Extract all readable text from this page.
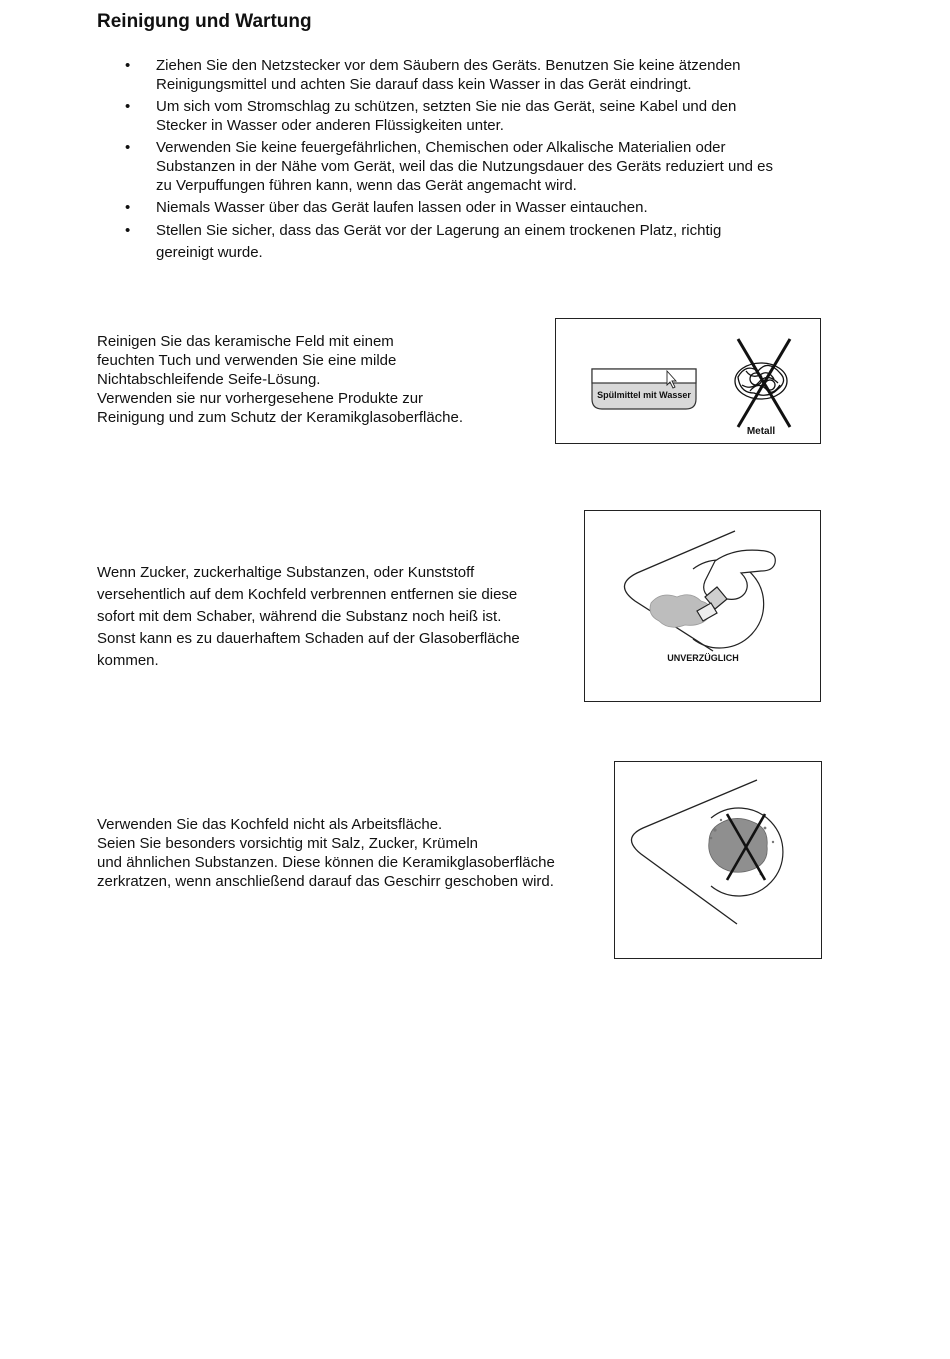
Reinigung und Wartung
• Ziehen Sie den Netzstecker vor dem Säubern des Geräts. Benutzen Sie keine ätzenden
Reinigungsmittel und achten Sie darauf dass kein Wasser in das Gerät eindringt.
• Um sich vom Stromschlag zu schützen, setzten Sie nie das Gerät, seine Kabel und den
Stecker in Wasser oder anderen Flüssigkeiten unter.
• Verwenden Sie keine feuergefährlichen, Chemischen oder Alkalische Materialien oder
Substanzen in der Nähe vom Gerät, weil das die Nutzungsdauer des Geräts reduziert und es
zu Verpuffungen führen kann, wenn das Gerät angemacht wird.
• Niemals Wasser über das Gerät laufen lassen oder in Wasser eintauchen.
• Stellen Sie sicher, dass das Gerät vor der Lagerung an einem trockenen Platz, richtig
gereinigt wurde.
Reinigen Sie das keramische Feld mit einem
feuchten Tuch und verwenden Sie eine milde
Nichtabschleifende Seife-Lösung.
Verwenden sie nur vorhergesehene Produkte zur
Reinigung und zum Schutz der Keramikglasoberfläche.
Spülmittel mit Wasser
Metall
Wenn Zucker, zuckerhaltige Substanzen, oder Kunststoff
versehentlich auf dem Kochfeld verbrennen entfernen sie diese
sofort mit dem Schaber, während die Substanz noch heiß ist.
Sonst kann es zu dauerhaftem Schaden auf der Glasoberfläche
kommen.	UNVERZÜGLICH
Verwenden Sie das Kochfeld nicht als Arbeitsfläche.
Seien Sie besonders vorsichtig mit Salz, Zucker, Krümeln
und ähnlichen Substanzen. Diese können die Keramikglasoberfläche
zerkratzen, wenn anschließend darauf das Geschirr geschoben wird.
